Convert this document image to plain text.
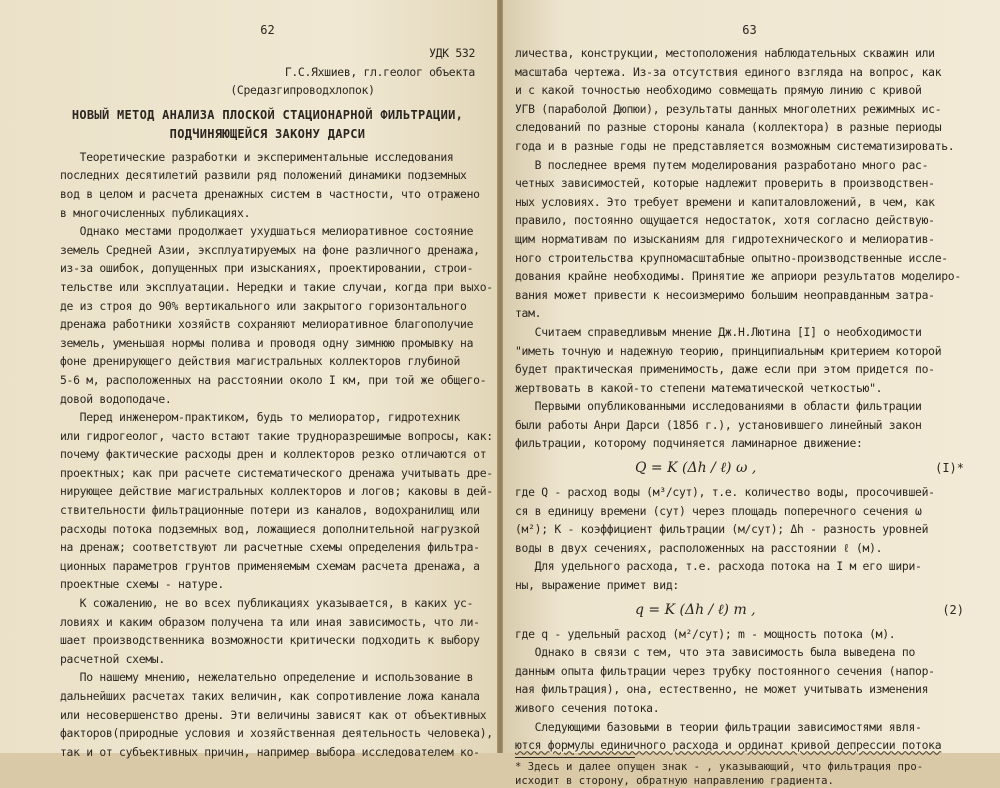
62

УДК 532

Г.С.Яхшиев, гл.геолог объекта

(Средазгипроводхлопок)

НОВЫЙ МЕТОД АНАЛИЗА ПЛОСКОЙ СТАЦИОНАРНОЙ ФИЛЬТРАЦИИ,
ПОДЧИНЯЮЩЕЙСЯ ЗАКОНУ ДАРСИ

Теоретические разработки и экспериментальные исследования

последних десятилетий развили ряд положений динамики подземных

вод в целом и расчета дренажных систем в частности, что отражено

в многочисленных публикациях.

Однако местами продолжает ухудшаться мелиоративное состояние

земель Средней Азии, эксплуатируемых на фоне различного дренажа,

из-за ошибок, допущенных при изысканиях, проектировании, строи-

тельстве или эксплуатации. Нередки и такие случаи, когда при выхо-

де из строя до 90% вертикального или закрытого горизонтального

дренажа работники хозяйств сохраняют мелиоративное благополучие

земель, уменьшая нормы полива и проводя одну зимнюю промывку на

фоне дренирующего действия магистральных коллекторов глубиной

5-6 м, расположенных на расстоянии около I км, при той же общего-

довой водоподаче.

Перед инженером-практиком, будь то мелиоратор, гидротехник

или гидрогеолог, часто встают такие труднорaзрешимые вопросы, как:

почему фактические расходы дрен и коллекторов резко отличаются от

проектных; как при расчете систематического дренажа учитывать дре-

нирующее действие магистральных коллекторов и логов; каковы в дей-

ствительности фильтрационные потери из каналов, водохранилищ или

расходы потока подземных вод, ложащиеся дополнительной нагрузкой

на дренаж; соответствуют ли расчетные схемы определения фильтра-

ционных параметров грунтов применяемым схемам расчета дренажа, а

проектные схемы - натуре.

К сожалению, не во всех публикациях указывается, в каких ус-

ловиях и каким образом получена та или иная зависимость, что ли-

шает производственника возможности критически подходить к выбору

расчетной схемы.

По нашему мнению, нежелательно определение и использование в

дальнейших расчетах таких величин, как сопротивление ложа канала

или несовершенство дрены. Эти величины зависят как от объективных

факторов(природные условия и хозяйственная деятельность человека),

так и от субъективных причин, например выбора исследователем ко-

63

личества, конструкции, местоположения наблюдательных скважин или

масштаба чертежа. Из-за отсутствия единого взгляда на вопрос, как

и с какой точностью необходимо совмещать прямую линию с кривой

УГВ (параболой Дюпюи), результаты данных многолетних режимных ис-

следований по разные стороны канала (коллектора) в разные периоды

года и в разные годы не представляется возможным систематизировать.

В последнее время путем моделирования разработано много рас-

четных зависимостей, которые надлежит проверить в производствен-

ных условиях. Это требует времени и капиталовложений, в чем, как

правило, постоянно ощущается недостаток, хотя согласно действую-

щим нормативам по изысканиям для гидротехнического и мелиоратив-

ного строительства крупномасштабные опытно-производственные иссле-

дования крайне необходимы. Принятие же априори результатов моделиро-

вания может привести к несоизмеримо большим неоправданным затра-

там.

Считаем справедливым мнение Дж.Н.Лютина [I] о необходимости

"иметь точную и надежную теорию, принципиальным критерием которой

будет практическая применимость, даже если при этом придется по-

жертвовать в какой-то степени математической четкостью".

Первыми опубликованными исследованиями в области фильтрации

были работы Анри Дарси (1856 г.), установившего линейный закон

фильтрации, которому подчиняется ламинарное движение:

Q = K (Δh / ℓ) ω ,	(I)*

где Q - расход воды (м³/сут), т.е. количество воды, просочившей-

ся в единицу времени (сут) через площадь поперечного сечения ω

(м²); K - коэффициент фильтрации (м/сут); Δh - разность уровней

воды в двух сечениях, расположенных на расстоянии ℓ (м).

Для удельного расхода, т.е. расхода потока на I м его шири-

ны, выражение примет вид:

q = K (Δh / ℓ) m ,	(2)

где q - удельный расход (м²/сут); m - мощность потока (м).

Однако в связи с тем, что эта зависимость была выведена по

данным опыта фильтрации через трубку постоянного сечения (напор-

ная фильтрация), она, естественно, не может учитывать изменения

живого сечения потока.

Следующими базовыми в теории фильтрации зависимостями явля-

ются формулы единичного расхода и ординат кривой депрессии потока

* Здесь и далее опущен знак - , указывающий, что фильтрация про-

исходит в сторону, обратную направлению градиента.
